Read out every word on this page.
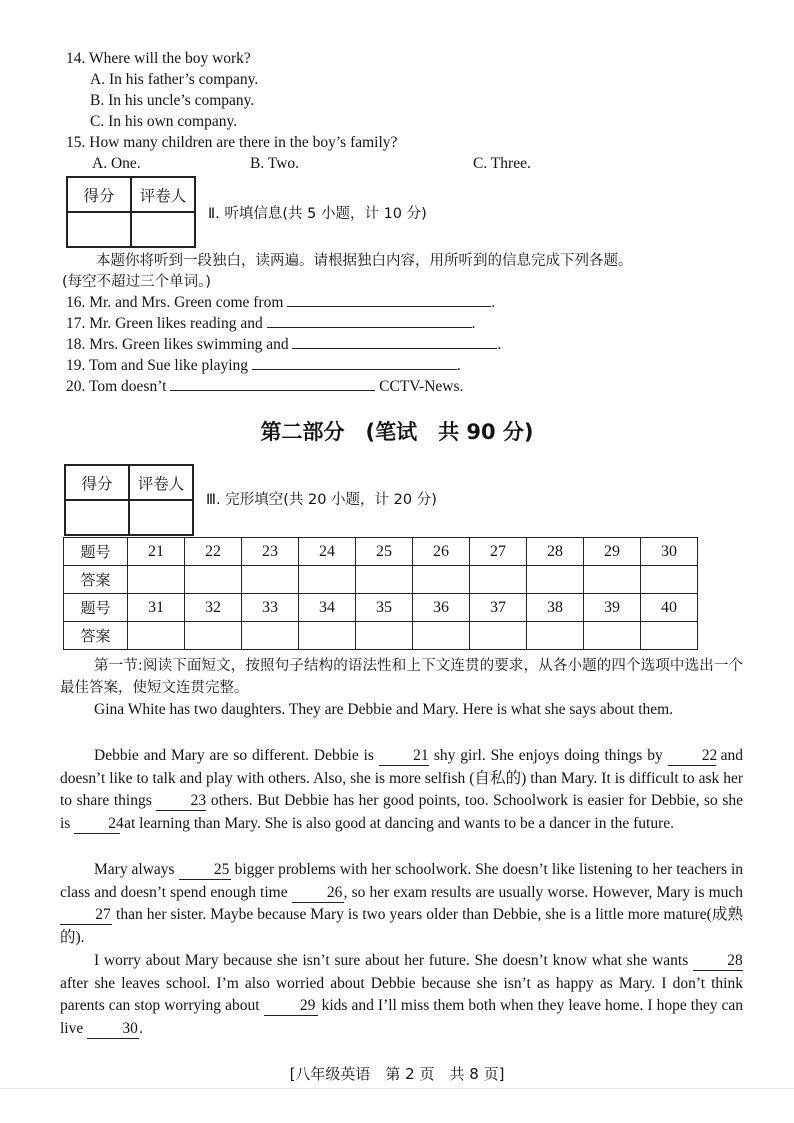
14. Where will the boy work?
A. In his father’s company.
B. In his uncle’s company.
C. In his own company.
15. How many children are there in the boy’s family?
A. One.	B. Two.	C. Three.
得分	评卷人

Ⅱ. 听填信息(共 5 小题，计 10 分)
本题你将听到一段独白，读两遍。请根据独白内容，用所听到的信息完成下列各题。
(每空不超过三个单词。)
16. Mr. and Mrs. Green come from	.
17. Mr. Green likes reading and	.
18. Mrs. Green likes swimming and	.
19. Tom and Sue like playing	.
20. Tom doesn’t	CCTV-News.
第二部分　(笔试　共 90 分)
得分	评卷人

Ⅲ. 完形填空(共 20 小题，计 20 分)
题号	21	22	23	24	25	26	27	28	29	30
答案										
题号	31	32	33	34	35	36	37	38	39	40
答案										
第一节:阅读下面短文，按照句子结构的语法性和上下文连贯的要求，从各小题的四个选项中选出一个最佳答案，使短文连贯完整。
Gina White has two daughters. They are Debbie and Mary. Here is what she says about them.
Debbie and Mary are so different. Debbie is	21 shy girl. She enjoys doing things by	22 and doesn’t like to talk and play with others. Also, she is more selfish (自私的) than Mary. It is difficult to ask her to share things	23 others. But Debbie has her good points, too. Schoolwork is easier for Debbie, so she is 24 at learning than Mary. She is also good at dancing and wants to be a dancer in the future.
Mary always	25 bigger problems with her schoolwork. She doesn’t like listening to her teachers in class and doesn’t spend enough time	26, so her exam results are usually worse. However, Mary is much 27 than her sister. Maybe because Mary is two years older than Debbie, she is a little more mature(成熟的).
I worry about Mary because she isn’t sure about her future. She doesn’t know what she wants	28 after she leaves school. I’m also worried about Debbie because she isn’t as happy as Mary. I don’t think parents can stop worrying about	29 kids and I’ll miss them both when they leave home. I hope they can live	30.
[八年级英语　第 2 页　共 8 页]
